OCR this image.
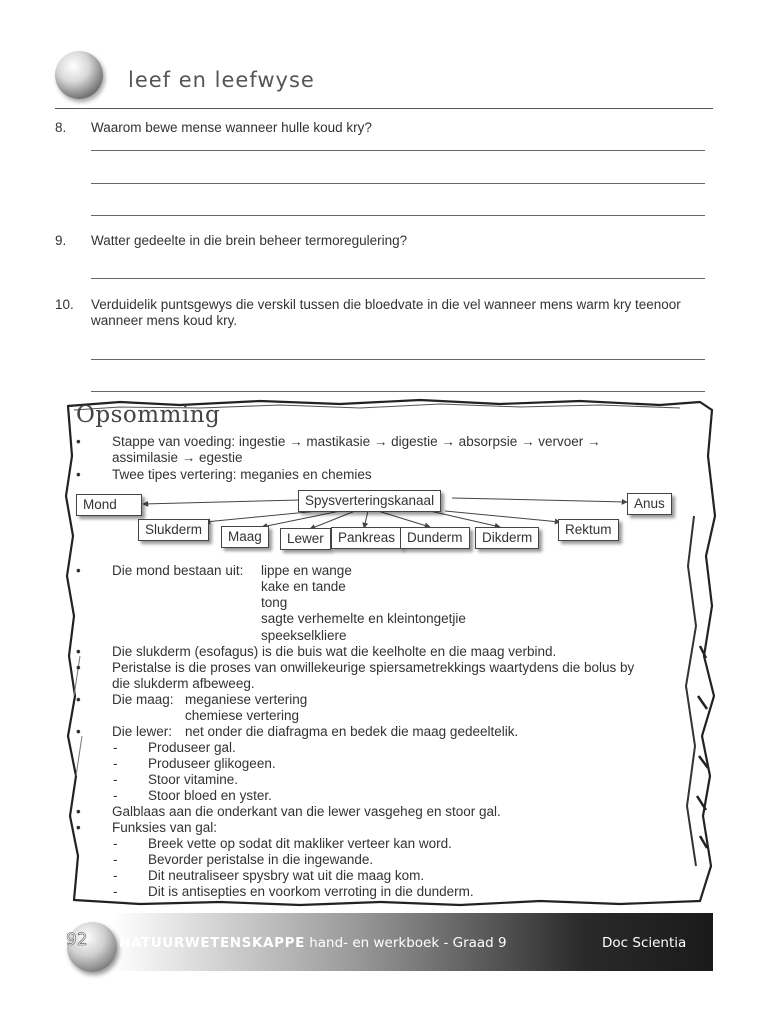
leef en leefwyse
8. Waarom bewe mense wanneer hulle koud kry?
9. Watter gedeelte in die brein beheer termoregulering?
10. Verduidelik puntsgewys die verskil tussen die bloedvate in die vel wanneer mens warm kry teenoor
wanneer mens koud kry.
Opsomming
• Stappe van voeding: ingestie → mastikasie → digestie → absorpsie → vervoer →
assimilasie → egestie
• Twee tipes vertering: meganies en chemies
Spysverteringskanaal
Mond
Slukderm	Maag	Lewer	Pankreas Dunderm	Dikderm
Rektum
Anus
• Die mond bestaan uit: lippe en wange
kake en tande
tong
sagte verhemelte en kleintongetjie
speekselkliere
• Die slukderm (esofagus) is die buis wat die keelholte en die maag verbind.
• Peristalse is die proses van onwillekeurige spiersametrekkings waartydens die bolus by
die slukderm afbeweeg.
• Die maag: meganiese vertering
chemiese vertering
• Die lewer: net onder die diafragma en bedek die maag gedeeltelik.
- Produseer gal.
- Produseer glikogeen.
- Stoor vitamine.
- Stoor bloed en yster.
• Galblaas aan die onderkant van die lewer vasgeheg en stoor gal.
• Funksies van gal:
- Breek vette op sodat dit makliker verteer kan word.
- Bevorder peristalse in die ingewande.
- Dit neutraliseer spysbry wat uit die maag kom.
- Dit is antisepties en voorkom verroting in die dunderm.
92 NATUURWETENSKAPPE hand- en werkboek - Graad 9	Doc Scientia
